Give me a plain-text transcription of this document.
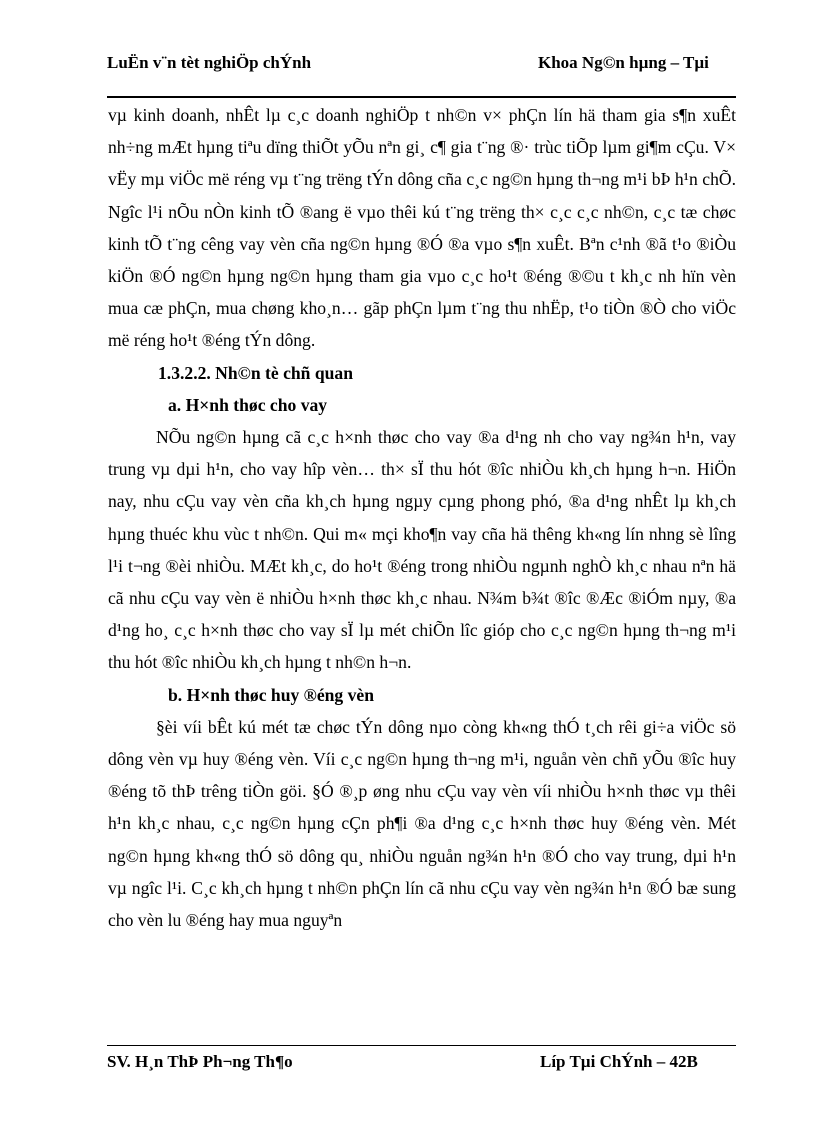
LuËn v¨n tèt nghiÖp chÝnh	Khoa Ng©n hµng – Tµi

vµ kinh doanh, nhÊt lµ c¸c doanh nghiÖp t nh©n v× phÇn lín hä tham gia s¶n xuÊt nh÷ng mÆt hµng tiªu dïng thiÕt yÕu nªn gi¸ c¶ gia t¨ng ®· trùc tiÕp lµm gi¶m cÇu. V× vËy mµ viÖc më réng vµ t¨ng trëng tÝn dông cña c¸c ng©n hµng th¬ng m¹i bÞ h¹n chÕ. Ngîc l¹i nÕu nÒn kinh tÕ ®ang ë vµo thêi kú t¨ng trëng th× c¸c c¸c nh©n, c¸c tæ chøc kinh tÕ t¨ng cêng vay vèn cña ng©n hµng ®Ó ®a vµo s¶n xuÊt. Bªn c¹nh ®ã t¹o ®iÒu kiÖn ®Ó ng©n hµng ng©n hµng tham gia vµo c¸c ho¹t ®éng ®©u t kh¸c nh hïn vèn mua cæ phÇn, mua chøng kho¸n… gãp phÇn lµm t¨ng thu nhËp, t¹o tiÒn ®Ò cho viÖc më réng ho¹t ®éng tÝn dông.

1.3.2.2. Nh©n tè chñ quan

a. H×nh thøc cho vay

NÕu ng©n hµng cã c¸c h×nh thøc cho vay ®a d¹ng nh cho vay ng¾n h¹n, vay trung vµ dµi h¹n, cho vay hîp vèn… th× sÏ thu hót ®îc nhiÒu kh¸ch hµng h¬n. HiÖn nay, nhu cÇu vay vèn cña kh¸ch hµng ngµy cµng phong phó, ®a d¹ng nhÊt lµ kh¸ch hµng thuéc khu vùc t nh©n. Qui m« mçi kho¶n vay cña hä thêng kh«ng lín nhng sè lîng l¹i t¬ng ®èi nhiÒu. MÆt kh¸c, do ho¹t ®éng trong nhiÒu ngµnh nghÒ kh¸c nhau nªn hä cã nhu cÇu vay vèn ë nhiÒu h×nh thøc kh¸c nhau. N¾m b¾t ®îc ®Æc ®iÓm nµy, ®a d¹ng ho¸ c¸c h×nh thøc cho vay sÏ lµ mét chiÕn lîc gióp cho c¸c ng©n hµng th¬ng m¹i thu hót ®îc nhiÒu kh¸ch hµng t nh©n h¬n.

b. H×nh thøc huy ®éng vèn

§èi víi bÊt kú mét tæ chøc tÝn dông nµo còng kh«ng thÓ t¸ch rêi gi÷a viÖc sö dông vèn vµ huy ®éng vèn. Víi c¸c ng©n hµng th¬ng m¹i, nguån vèn chñ yÕu ®îc huy ®éng tõ thÞ trêng tiÒn göi. §Ó ®¸p øng nhu cÇu vay vèn víi nhiÒu h×nh thøc vµ thêi h¹n kh¸c nhau, c¸c ng©n hµng cÇn ph¶i ®a d¹ng c¸c h×nh thøc huy ®éng vèn. Mét ng©n hµng kh«ng thÓ sö dông qu¸ nhiÒu nguån ng¾n h¹n ®Ó cho vay trung, dµi h¹n vµ ngîc l¹i. C¸c kh¸ch hµng t nh©n phÇn lín cã nhu cÇu vay vèn ng¾n h¹n ®Ó bæ sung cho vèn lu ®éng hay mua nguyªn

SV. H¸n ThÞ Ph¬ng Th¶o	Líp Tµi ChÝnh – 42B
